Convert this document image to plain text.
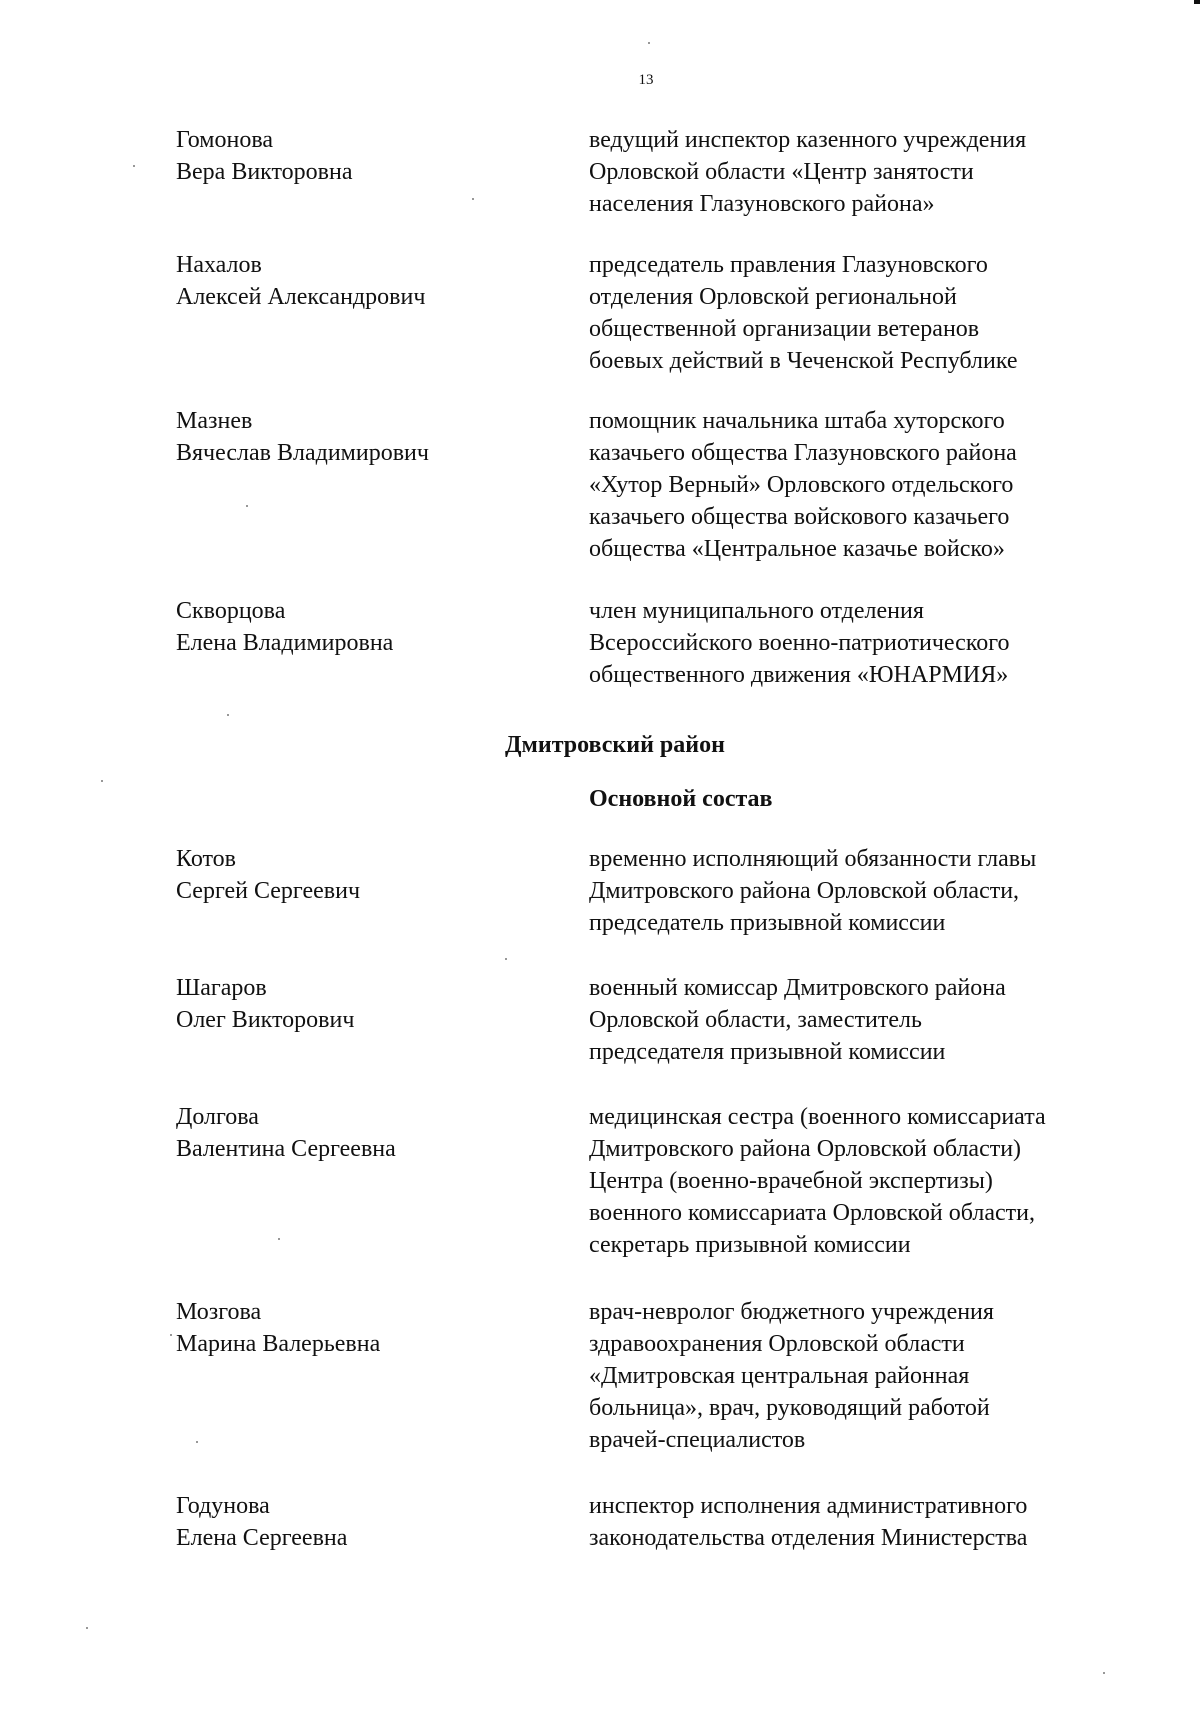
13
Гомонова
Вера Викторовна
ведущий инспектор казенного учреждения
Орловской области «Центр занятости
населения Глазуновского района»
Нахалов
Алексей Александрович
председатель правления Глазуновского
отделения Орловской региональной
общественной организации ветеранов
боевых действий в Чеченской Республике
Мазнев
Вячеслав Владимирович
помощник начальника штаба хуторского
казачьего общества Глазуновского района
«Хутор Верный» Орловского отдельского
казачьего общества войскового казачьего
общества «Центральное казачье войско»
Скворцова
Елена Владимировна
член муниципального отделения
Всероссийского военно-патриотического
общественного движения «ЮНАРМИЯ»
Дмитровский район
Основной состав
Котов
Сергей Сергеевич
временно исполняющий обязанности главы
Дмитровского района Орловской области,
председатель призывной комиссии
Шагаров
Олег Викторович
военный комиссар Дмитровского района
Орловской области, заместитель
председателя призывной комиссии
Долгова
Валентина Сергеевна
медицинская сестра (военного комиссариата
Дмитровского района Орловской области)
Центра (военно-врачебной экспертизы)
военного комиссариата Орловской области,
секретарь призывной комиссии
Мозгова
Марина Валерьевна
врач-невролог бюджетного учреждения
здравоохранения Орловской области
«Дмитровская центральная районная
больница», врач, руководящий работой
врачей-специалистов
Годунова
Елена Сергеевна
инспектор исполнения административного
законодательства отделения Министерства
